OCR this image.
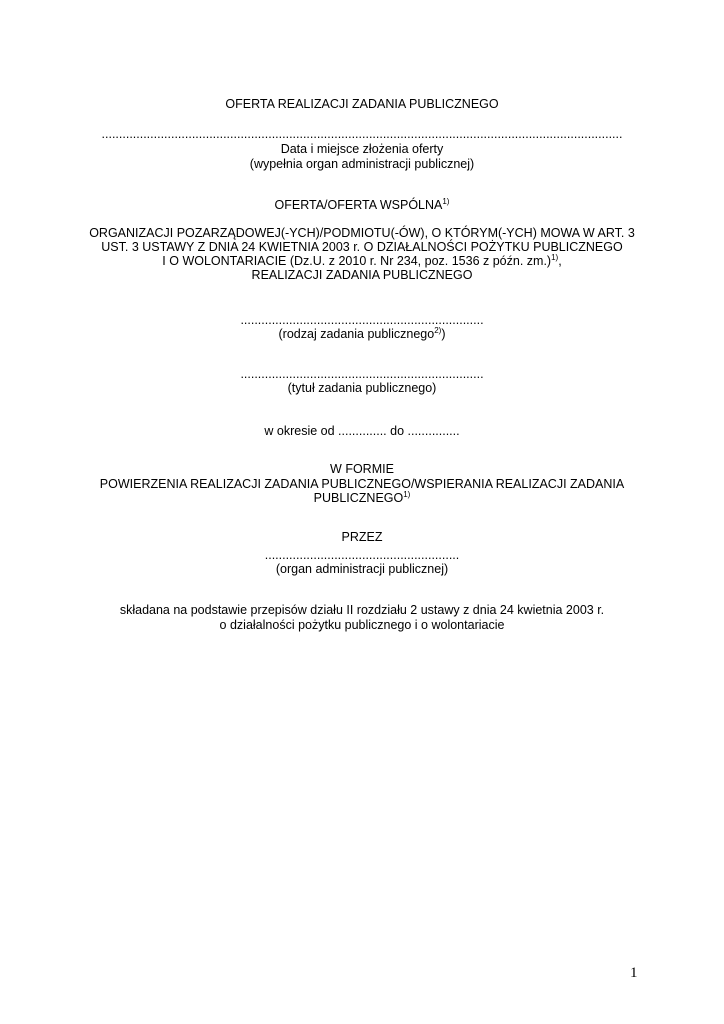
OFERTA REALIZACJI ZADANIA PUBLICZNEGO
......................................................................................................................................................
Data i miejsce złożenia oferty
(wypełnia organ administracji publicznej)
OFERTA/OFERTA WSPÓLNA$^{1)}$
ORGANIZACJI POZARZĄDOWEJ(-YCH)/PODMIOTU(-ÓW), O KTÓRYM(-YCH) MOWA W ART. 3
UST. 3 USTAWY Z DNIA 24 KWIETNIA 2003 r. O DZIAŁALNOŚCI POŻYTKU PUBLICZNEGO
I O WOLONTARIACIE (Dz.U. z 2010 r. Nr 234, poz. 1536 z późn. zm.)$^{1)}$,
REALIZACJI ZADANIA PUBLICZNEGO
......................................................................
(rodzaj zadania publicznego$^{2)}$)
......................................................................
(tytuł zadania publicznego)
w okresie od .............. do ...............
W FORMIE
POWIERZENIA REALIZACJI ZADANIA PUBLICZNEGO/WSPIERANIA REALIZACJI ZADANIA
PUBLICZNEGO$^{1)}$
PRZEZ
........................................................
(organ administracji publicznej)
składana na podstawie przepisów działu II rozdziału 2 ustawy z dnia 24 kwietnia 2003 r.
o działalności pożytku publicznego i o wolontariacie
1
